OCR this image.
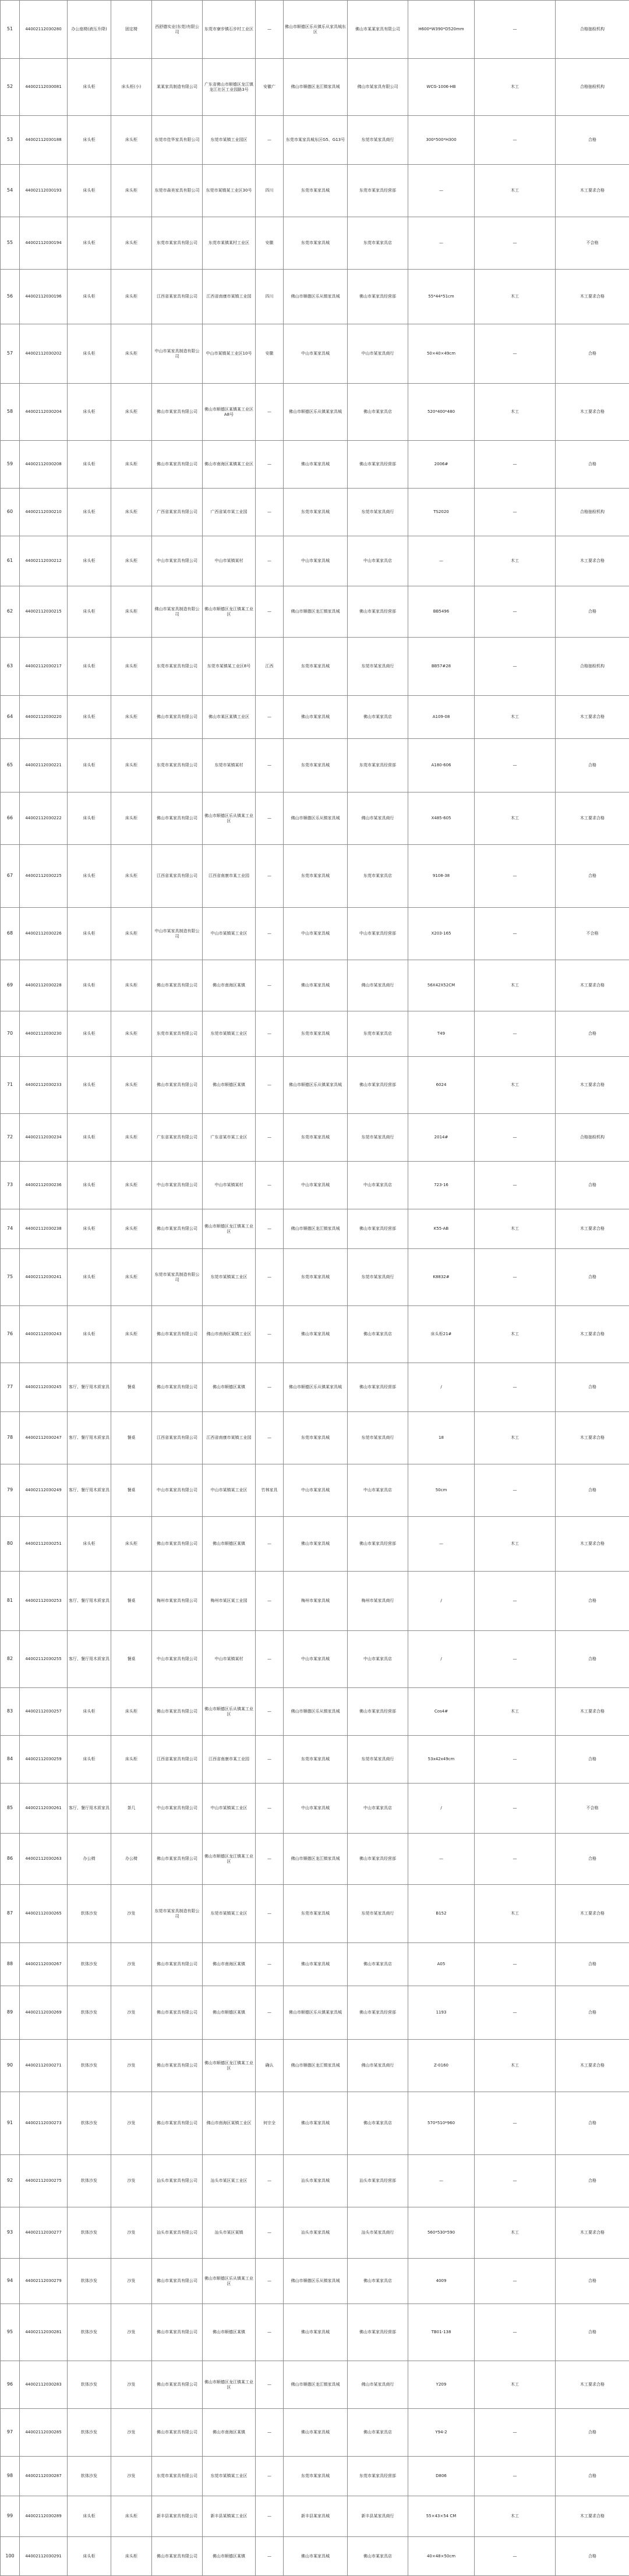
51	44002112030280	办公座椅(液压升降)	固定椅	西舒德实业(东莞)有限公司	东莞市寮步镇石步村工业区	—	佛山市顺德区乐从镇乐从家具城东区	佛山市某某家具有限公司	H600*W390*D520mm	—	合格抽检机构
52	44002112030081	床头柜	床头柜(小)	某某家具制造有限公司	广东省佛山市顺德区龙江镇龙江社区工业园路3号	安徽广	佛山市顺德区龙江镇家具城	佛山市某家具有限公司	WCG-1006-HB	木工	合格抽检机构
53	44002112030188	床头柜	床头柜	东莞市佳华家具有限公司	东莞市某镇工业园区	—	东莞市某家具城东区G5、G13号	东莞市某家具商行	300*500*H300	—	合格
54	44002112030193	床头柜	床头柜	东莞市森美家具有限公司	东莞市某镇某工业区30号	四川	东莞市某家具城	东莞市某家具经营部	—	木工	木工要求合格
55	44002112030194	床头柜	床头柜	东莞市某家具有限公司	东莞市某镇某村工业区	安徽	东莞市某家具城	东莞市某家具店	—	—	不合格
56	44002112030196	床头柜	床头柜	江西省某家具有限公司	江西省南康市某镇工业园	四川	佛山市顺德区乐从镇家具城	佛山市某家具经营部	55*44*51cm	木工	木工要求合格
57	44002112030202	床头柜	床头柜	中山市某家具制造有限公司	中山市某镇某工业区10号	安徽	中山市某家具城	中山市某家具商行	50×40×49cm	—	合格
58	44002112030204	床头柜	床头柜	佛山市某家具有限公司	佛山市顺德区某镇某工业区A8号	—	佛山市顺德区乐从镇某家具城	佛山市某家具店	520*400*480	木工	木工要求合格
59	44002112030208	床头柜	床头柜	佛山市某家具有限公司	佛山市南海区某镇某工业区	—	佛山市某家具城	佛山市某家具经营部	2006#	—	合格
60	44002112030210	床头柜	床头柜	广西省某家具有限公司	广西省某市某工业园	—	东莞市某家具城	东莞市某家具商行	TS2020	—	合格抽检机构
61	44002112030212	床头柜	床头柜	中山市某家具有限公司	中山市某镇某村	—	中山市某家具城	中山市某家具店	—	木工	木工要求合格
62	44002112030215	床头柜	床头柜	佛山市某家具制造有限公司	佛山市顺德区龙江镇某工业区	—	佛山市顺德区龙江镇家具城	佛山市某家具经营部	BB5496	—	合格
63	44002112030217	床头柜	床头柜	东莞市某家具有限公司	东莞市某镇某工业区8号	江西	东莞市某家具城	东莞市某家具商行	BB57#28	—	合格抽检机构
64	44002112030220	床头柜	床头柜	佛山市某家具有限公司	佛山市某区某镇工业区	—	佛山市某家具城	佛山市某家具店	A109-08	木工	木工要求合格
65	44002112030221	床头柜	床头柜	东莞市某家具有限公司	东莞市某镇某村	—	东莞市某家具城	东莞市某家具经营部	A180-606	—	合格
66	44002112030222	床头柜	床头柜	佛山市某家具有限公司	佛山市顺德区乐从镇某工业区	—	佛山市顺德区乐从镇家具城	佛山市某家具商行	X485-605	木工	木工要求合格
67	44002112030225	床头柜	床头柜	江西省某家具有限公司	江西省南康市某工业园	—	东莞市某家具城	东莞市某家具店	9108-38	—	合格
68	44002112030226	床头柜	床头柜	中山市某家具制造有限公司	中山市某镇某工业区	—	中山市某家具城	中山市某家具经营部	X203-165	—	不合格
69	44002112030228	床头柜	床头柜	佛山市某家具有限公司	佛山市南海区某镇	—	佛山市某家具城	佛山市某家具商行	56X42X52CM	木工	木工要求合格
70	44002112030230	床头柜	床头柜	东莞市某家具有限公司	东莞市某镇某工业区	—	东莞市某家具城	东莞市某家具店	T49	—	合格
71	44002112030233	床头柜	床头柜	佛山市某家具有限公司	佛山市顺德区某镇	—	佛山市顺德区乐从镇某家具城	佛山市某家具经营部	6024	木工	木工要求合格
72	44002112030234	床头柜	床头柜	广东省某家具有限公司	广东省某市某工业区	—	东莞市某家具城	东莞市某家具商行	2014#	—	合格抽检机构
73	44002112030236	床头柜	床头柜	中山市某家具有限公司	中山市某镇某村	—	中山市某家具城	中山市某家具店	723-16	—	合格
74	44002112030238	床头柜	床头柜	佛山市某家具有限公司	佛山市顺德区龙江镇某工业区	—	佛山市顺德区龙江镇家具城	佛山市某家具经营部	K55-AB	木工	木工要求合格
75	44002112030241	床头柜	床头柜	东莞市某家具制造有限公司	东莞市某镇某工业区	—	东莞市某家具城	东莞市某家具商行	K8832#	—	合格
76	44002112030243	床头柜	床头柜	佛山市某家具有限公司	佛山市南海区某镇工业区	—	佛山市某家具城	佛山市某家具店	床头柜21#	木工	木工要求合格
77	44002112030245	客厅、餐厅用木质家具	餐桌	佛山市某家具有限公司	佛山市顺德区某镇	—	佛山市顺德区乐从镇某家具城	佛山市某家具经营部	/	—	合格
78	44002112030247	客厅、餐厅用木质家具	餐桌	江西省某家具有限公司	江西省南康市某镇工业园	—	东莞市某家具城	东莞市某家具商行	18	木工	木工要求合格
79	44002112030249	客厅、餐厅用木质家具	餐桌	中山市某家具有限公司	中山市某镇某工业区	竹林家具	中山市某家具城	中山市某家具店	50cm	—	合格
80	44002112030251	床头柜	床头柜	佛山市某家具有限公司	佛山市顺德区某镇	—	佛山市某家具城	佛山市某家具经营部	—	木工	木工要求合格
81	44002112030253	客厅、餐厅用木质家具	餐桌	梅州市某家具有限公司	梅州市某区某工业园	—	梅州市某家具城	梅州市某家具商行	/	—	合格
82	44002112030255	客厅、餐厅用木质家具	餐桌	中山市某家具有限公司	中山市某镇某村	—	中山市某家具城	中山市某家具店	/	—	合格
83	44002112030257	床头柜	床头柜	佛山市某家具有限公司	佛山市顺德区乐从镇某工业区	—	佛山市顺德区乐从镇家具城	佛山市某家具经营部	Cos4#	木工	木工要求合格
84	44002112030259	床头柜	床头柜	江西省某家具有限公司	江西省南康市某工业园	—	东莞市某家具城	东莞市某家具商行	53x42x49cm	—	合格
85	44002112030261	客厅、餐厅用木质家具	茶几	中山市某家具有限公司	中山市某镇某工业区	—	中山市某家具城	中山市某家具店	/	—	不合格
86	44002112030263	办公椅	办公椅	佛山市某家具有限公司	佛山市顺德区龙江镇某工业区	—	佛山市顺德区龙江镇家具城	佛山市某家具经营部	—	—	合格
87	44002112030265	软体沙发	沙发	东莞市某家具制造有限公司	东莞市某镇某工业区	—	东莞市某家具城	东莞市某家具商行	B152	木工	木工要求合格
88	44002112030267	软体沙发	沙发	佛山市某家具有限公司	佛山市南海区某镇	—	佛山市某家具城	佛山市某家具店	A05	—	合格
89	44002112030269	软体沙发	沙发	佛山市某家具有限公司	佛山市顺德区某镇	—	佛山市顺德区乐从镇某家具城	佛山市某家具经营部	1193	—	合格
90	44002112030271	软体沙发	沙发	佛山市某家具有限公司	佛山市顺德区龙江镇某工业区	确认	佛山市顺德区龙江镇家具城	佛山市某家具商行	Z-0160	木工	木工要求合格
91	44002112030273	软体沙发	沙发	佛山市某家具有限公司	佛山市南海区某镇工业区	何宗全	佛山市某家具城	佛山市某家具店	570*510*960	—	合格
92	44002112030275	软体沙发	沙发	汕头市某家具有限公司	汕头市某区某工业区	—	汕头市某家具城	汕头市某家具经营部	—	—	合格
93	44002112030277	软体沙发	沙发	汕头市某家具有限公司	汕头市某区某镇	—	汕头市某家具城	汕头市某家具商行	560*530*590	木工	木工要求合格
94	44002112030279	软体沙发	沙发	佛山市某家具有限公司	佛山市顺德区乐从镇某工业区	—	佛山市顺德区乐从镇家具城	佛山市某家具店	4009	—	合格
95	44002112030281	软体沙发	沙发	佛山市某家具有限公司	佛山市顺德区某镇	—	佛山市某家具城	佛山市某家具经营部	TB01-138	—	合格
96	44002112030283	软体沙发	沙发	佛山市某家具有限公司	佛山市顺德区龙江镇某工业区	—	佛山市顺德区龙江镇家具城	佛山市某家具商行	Y209	木工	木工要求合格
97	44002112030285	软体沙发	沙发	佛山市某家具有限公司	佛山市南海区某镇	—	佛山市某家具城	佛山市某家具店	Y94-2	—	合格
98	44002112030287	软体沙发	沙发	东莞市某家具有限公司	东莞市某镇某工业区	—	东莞市某家具城	东莞市某家具经营部	D806	—	合格
99	44002112030289	床头柜	床头柜	新丰县某家具有限公司	新丰县某镇某工业区	—	新丰县某家具城	新丰县某家具商行	55×43×54 CM	木工	木工要求合格
100	44002112030291	床头柜	床头柜	佛山市某家具有限公司	佛山市顺德区某镇	—	佛山市某家具城	佛山市某家具店	40×48×50cm	—	合格
